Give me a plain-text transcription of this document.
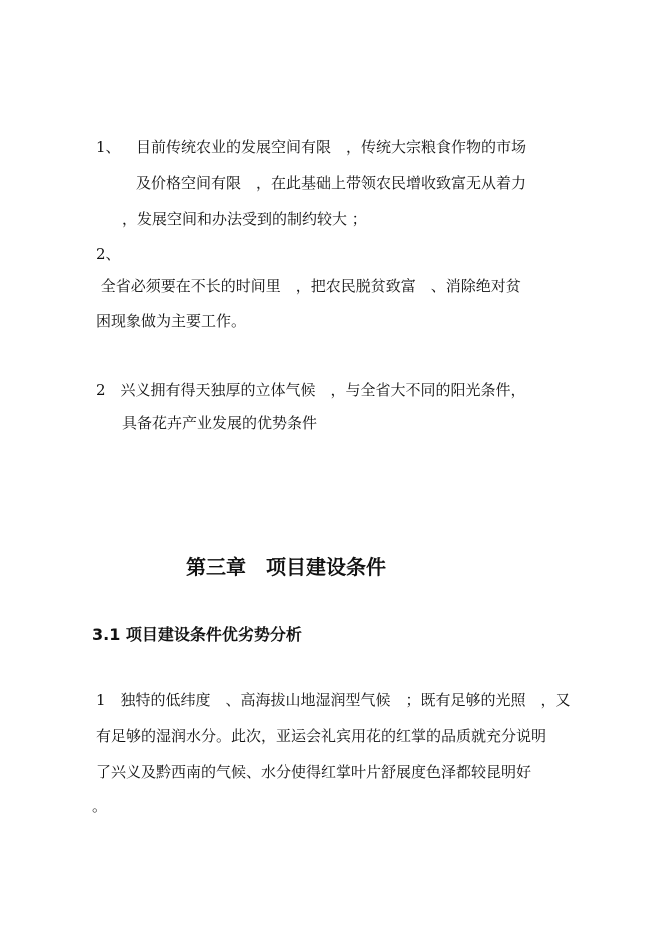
1、 目前传统农业的发展空间有限　，传统大宗粮食作物的市场
及价格空间有限　，在此基础上带领农民增收致富无从着力
，发展空间和办法受到的制约较大 ；
2、
全省必须要在不长的时间里　，把农民脱贫致富　、消除绝对贫
困现象做为主要工作。
2　兴义拥有得天独厚的立体气候　，与全省大不同的阳光条件，
具备花卉产业发展的优势条件
第三章　项目建设条件
3.1 项目建设条件优劣势分析
1　独特的低纬度　、高海拔山地湿润型气候　；既有足够的光照　，又
有足够的湿润水分。此次，亚运会礼宾用花的红掌的品质就充分说明
了兴义及黔西南的气候、水分使得红掌叶片舒展度色泽都较昆明好
。
